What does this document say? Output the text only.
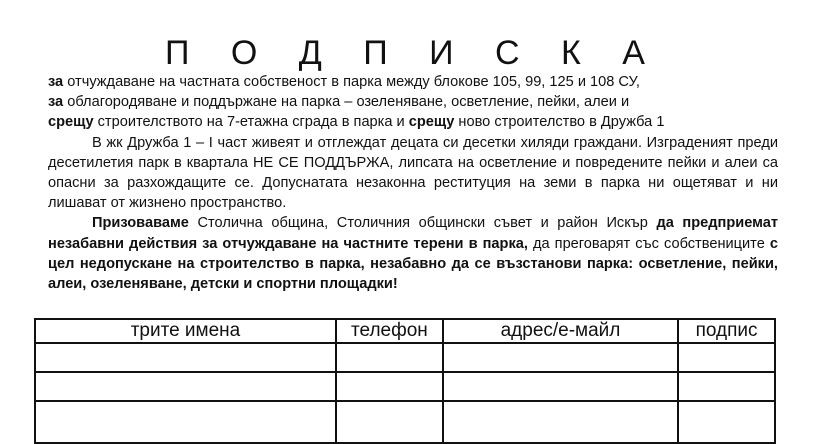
П О Д П И С К А

за отчуждаване на частната собственост в парка между блокове 105, 99, 125 и 108 СУ,
за облагородяване и поддържане на парка – озеленяване, осветление, пейки, алеи и
срещу строителството на 7-етажна сграда в парка и срещу ново строителство в Дружба 1

В жк Дружба 1 – I част живеят и отглеждат децата си десетки хиляди граждани. Изграденият преди десетилетия парк в квартала НЕ СЕ ПОДДЪРЖА, липсата на осветление и повредените пейки и алеи са опасни за разхождащите се. Допуснатата незаконна реституция на земи в парка ни ощетяват и ни лишават от жизнено пространство.

Призоваваме Столична община, Столичния общински съвет и район Искър да предприемат незабавни действия за отчуждаване на частните терени в парка, да преговарят със собствениците с цел недопускане на строителство в парка, незабавно да се възстанови парка: осветление, пейки, алеи, озеленяване, детски и спортни площадки!

трите имена	телефон	адрес/е-майл	подпис
